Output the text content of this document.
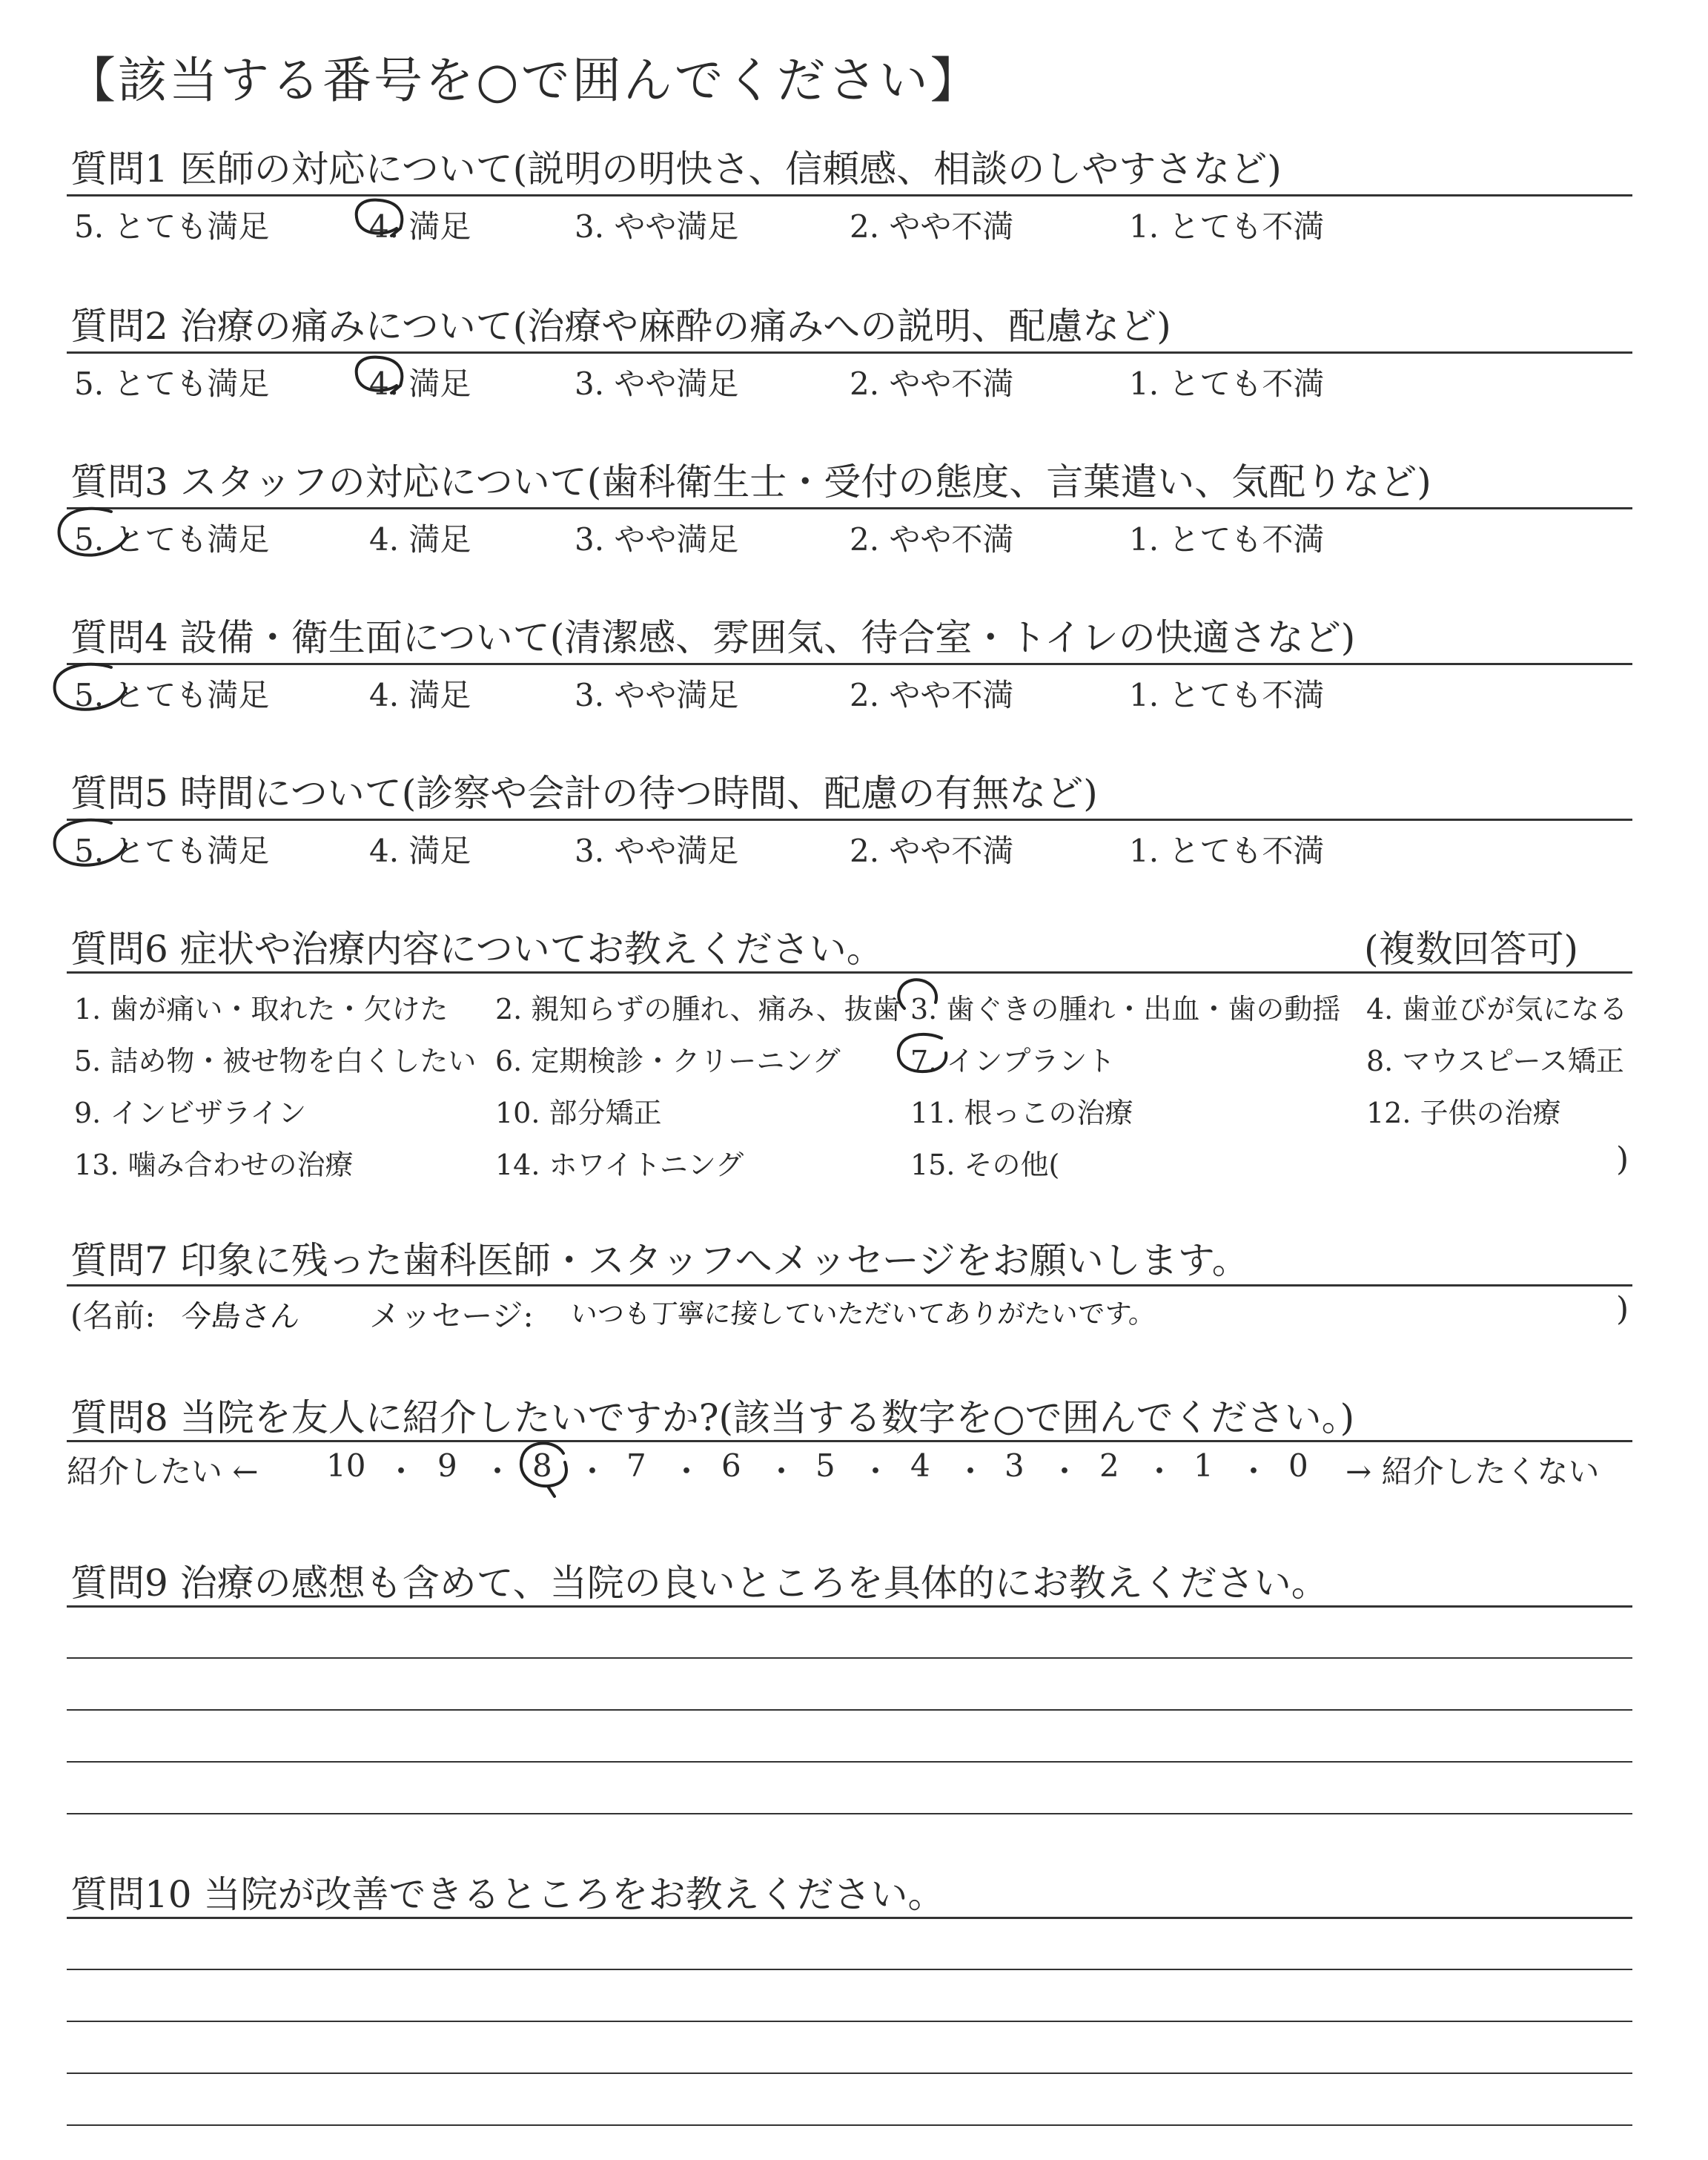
【該当する番号を○で囲んでください】
質問1 医師の対応について(説明の明快さ、信頼感、相談のしやすさなど)
5. とても満足	4. 満足	3. やや満足	2. やや不満	1. とても不満
質問2 治療の痛みについて(治療や麻酔の痛みへの説明、配慮など)
5. とても満足	4. 満足	3. やや満足	2. やや不満	1. とても不満
質問3 スタッフの対応について(歯科衛生士・受付の態度、言葉遣い、気配りなど)
5. とても満足	4. 満足	3. やや満足	2. やや不満	1. とても不満
質問4 設備・衛生面について(清潔感、雰囲気、待合室・トイレの快適さなど)
5. とても満足	4. 満足	3. やや満足	2. やや不満	1. とても不満
質問5 時間について(診察や会計の待つ時間、配慮の有無など)
5. とても満足	4. 満足	3. やや満足	2. やや不満	1. とても不満
質問6 症状や治療内容についてお教えください。	(複数回答可)
1. 歯が痛い・取れた・欠けた 2. 親知らずの腫れ、痛み、抜歯 3. 歯ぐきの腫れ・出血・歯の動揺 4. 歯並びが気になる
5. 詰め物・被せ物を白くしたい 6. 定期検診・クリーニング 7. インプラント	8. マウスピース矯正
9. インビザライン	10. 部分矯正	11. 根っこの治療	12. 子供の治療
13. 噛み合わせの治療	14. ホワイトニング	15. その他(	)
質問7 印象に残った歯科医師・スタッフへメッセージをお願いします。
(名前: 今島さん メッセージ: いつも丁寧に接していただいてありがたいです。	)
質問8 当院を友人に紹介したいですか?(該当する数字を○で囲んでください。)
紹介したい ← 10 ・ 9 ・ 8 ・ 7 ・ 6 ・ 5 ・ 4 ・ 3 ・ 2 ・ 1 ・ 0 → 紹介したくない
質問9 治療の感想も含めて、当院の良いところを具体的にお教えください。
質問10 当院が改善できるところをお教えください。
